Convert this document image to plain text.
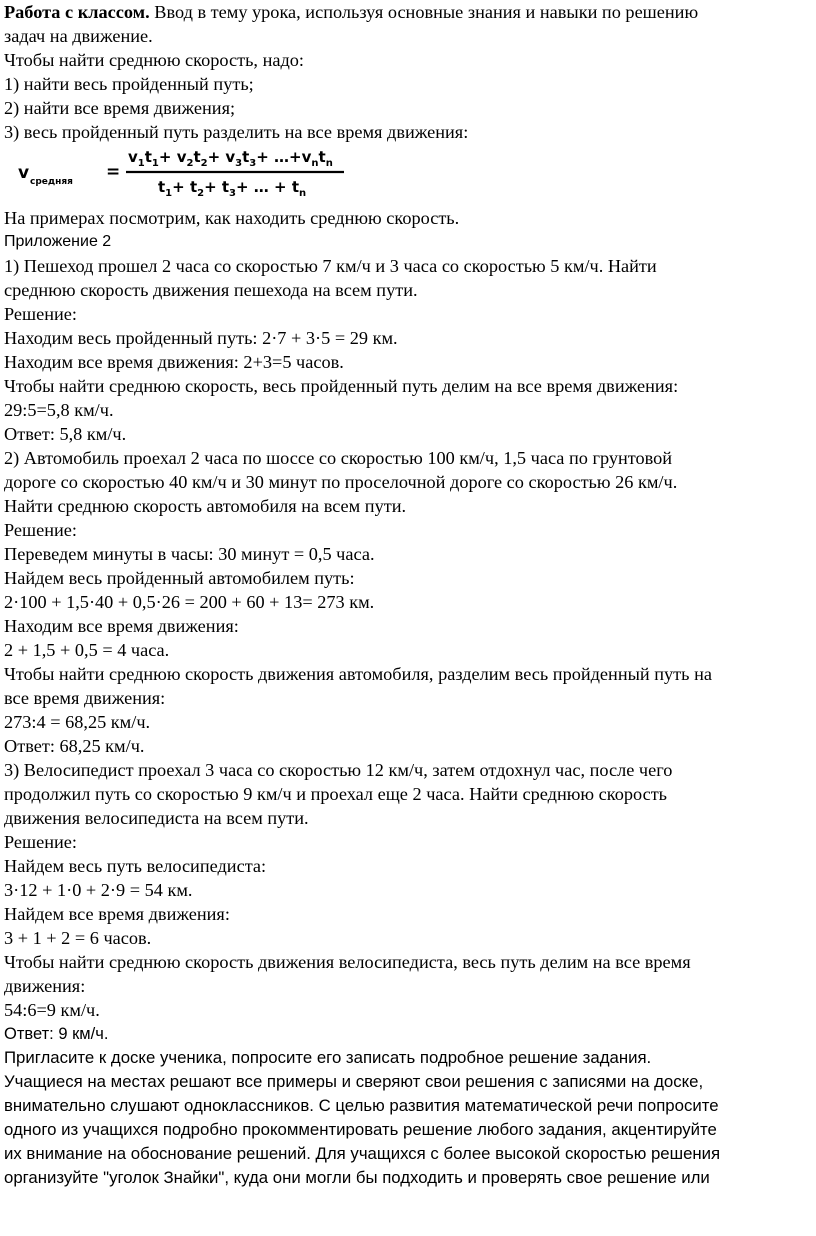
Работа с классом. Ввод в тему урока, используя основные знания и навыки по решению
задач на движение.
Чтобы найти среднюю скорость, надо:
1) найти весь пройденный путь;
2) найти все время движения;
3) весь пройденный путь разделить на все время движения:
v средняя =
$v_1t_1+ v_2t_2+ v_3t_3+$ $\dots+v_nt_n$
$t_1+ t_2+ t_3+$ … + $t_n$
На примерах посмотрим, как находить среднюю скорость.
Приложение 2
1) Пешеход прошел 2 часа со скоростью 7 км/ч и 3 часа со скоростью 5 км/ч. Найти
среднюю скорость движения пешехода на всем пути.
Решение:
Находим весь пройденный путь: 2·7 + 3·5 = 29 км.
Находим все время движения: 2+3=5 часов.
Чтобы найти среднюю скорость, весь пройденный путь делим на все время движения:
29:5=5,8 км/ч.
Ответ: 5,8 км/ч.
2) Автомобиль проехал 2 часа по шоссе со скоростью 100 км/ч, 1,5 часа по грунтовой
дороге со скоростью 40 км/ч и 30 минут по проселочной дороге со скоростью 26 км/ч.
Найти среднюю скорость автомобиля на всем пути.
Решение:
Переведем минуты в часы: 30 минут = 0,5 часа.
Найдем весь пройденный автомобилем путь:
2·100 + 1,5·40 + 0,5·26 = 200 + 60 + 13= 273 км.
Находим все время движения:
2 + 1,5 + 0,5 = 4 часа.
Чтобы найти среднюю скорость движения автомобиля, разделим весь пройденный путь на
все время движения:
273:4 = 68,25 км/ч.
Ответ: 68,25 км/ч.
3) Велосипедист проехал 3 часа со скоростью 12 км/ч, затем отдохнул час, после чего
продолжил путь со скоростью 9 км/ч и проехал еще 2 часа. Найти среднюю скорость
движения велосипедиста на всем пути.
Решение:
Найдем весь путь велосипедиста:
3·12 + 1·0 + 2·9 = 54 км.
Найдем все время движения:
3 + 1 + 2 = 6 часов.
Чтобы найти среднюю скорость движения велосипедиста, весь путь делим на все время
движения:
54:6=9 км/ч.
Ответ: 9 км/ч.
Пригласите к доске ученика, попросите его записать подробное решение задания.
Учащиеся на местах решают все примеры и сверяют свои решения с записями на доске,
внимательно слушают одноклассников. С целью развития математической речи попросите
одного из учащихся подробно прокомментировать решение любого задания, акцентируйте
их внимание на обоснование решений. Для учащихся с более высокой скоростью решения
организуйте "уголок Знайки", куда они могли бы подходить и проверять свое решение или
